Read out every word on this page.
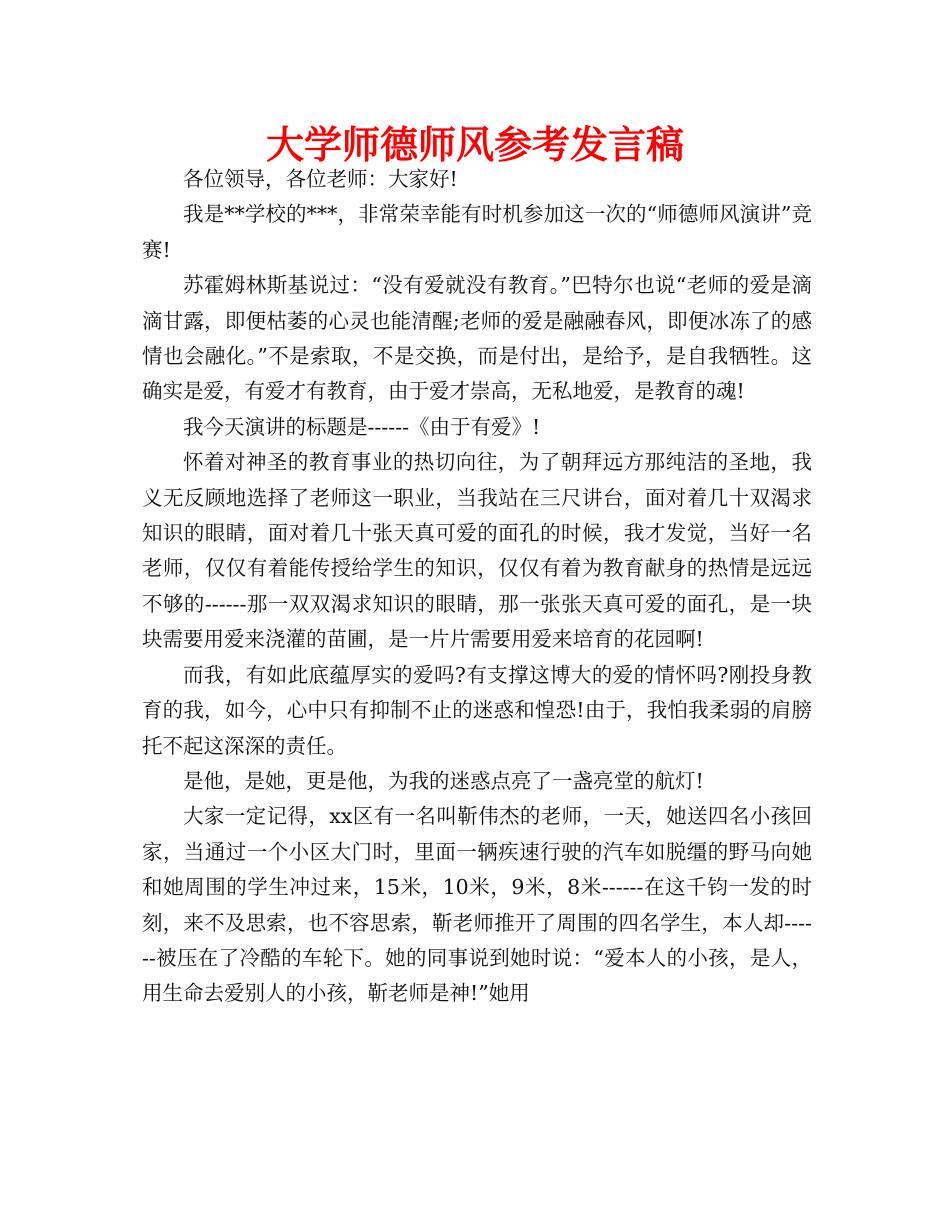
大学师德师风参考发言稿

各位领导，各位老师：大家好!

我是**学校的***，非常荣幸能有时机参加这一次的“师德师风演讲”竞赛!

苏霍姆林斯基说过：“没有爱就没有教育。”巴特尔也说“老师的爱是滴滴甘露，即便枯萎的心灵也能清醒;老师的爱是融融春风，即便冰冻了的感情也会融化。”不是索取，不是交换，而是付出，是给予，是自我牺牲。这确实是爱，有爱才有教育，由于爱才崇高，无私地爱，是教育的魂!

我今天演讲的标题是------《由于有爱》!

怀着对神圣的教育事业的热切向往，为了朝拜远方那纯洁的圣地，我义无反顾地选择了老师这一职业，当我站在三尺讲台，面对着几十双渴求知识的眼睛，面对着几十张天真可爱的面孔的时候，我才发觉，当好一名老师，仅仅有着能传授给学生的知识，仅仅有着为教育献身的热情是远远不够的------那一双双渴求知识的眼睛，那一张张天真可爱的面孔，是一块块需要用爱来浇灌的苗圃，是一片片需要用爱来培育的花园啊!

而我，有如此底蕴厚实的爱吗?有支撑这博大的爱的情怀吗?刚投身教育的我，如今，心中只有抑制不止的迷惑和惶恐!由于，我怕我柔弱的肩膀托不起这深深的责任。

是他，是她，更是他，为我的迷惑点亮了一盏亮堂的航灯!

大家一定记得，xx区有一名叫靳伟杰的老师，一天，她送四名小孩回家，当通过一个小区大门时，里面一辆疾速行驶的汽车如脱缰的野马向她和她周围的学生冲过来，15米，10米，9米，8米------在这千钧一发的时刻，来不及思索，也不容思索，靳老师推开了周围的四名学生，本人却------被压在了冷酷的车轮下。她的同事说到她时说：“爱本人的小孩，是人，用生命去爱别人的小孩，靳老师是神!”她用
